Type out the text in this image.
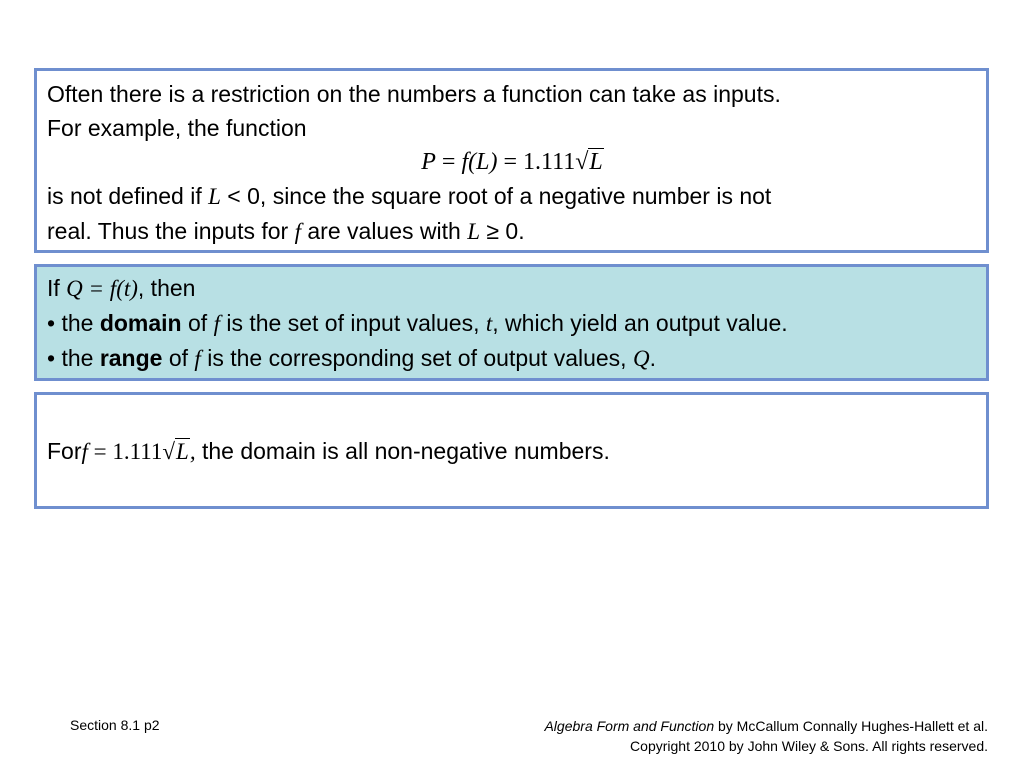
Often there is a restriction on the numbers a function can take as inputs.
For example, the function
P = f(L) = 1.111√L
is not defined if L < 0, since the square root of a negative number is not
real. Thus the inputs for f are values with L ≥ 0.
If Q = f(t), then
• the domain of f is the set of input values, t, which yield an output value.
• the range of f is the corresponding set of output values, Q.
Forf = 1.111√L, the domain is all non-negative numbers.
Section 8.1 p2	Algebra Form and Function by McCallum Connally Hughes-Hallett et al.
Copyright 2010 by John Wiley & Sons. All rights reserved.
